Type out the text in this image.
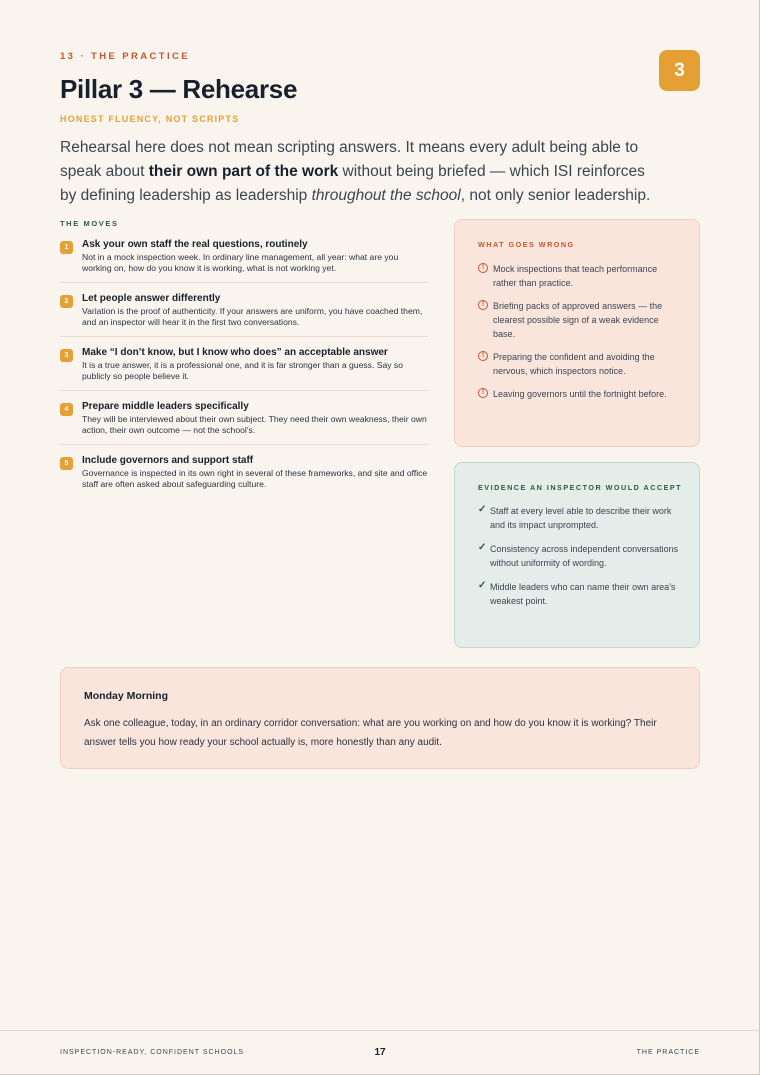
13 · THE PRACTICE
3
Pillar 3 — Rehearse
HONEST FLUENCY, NOT SCRIPTS

Rehearsal here does not mean scripting answers. It means every adult being able to speak about their own part of the work without being briefed — which ISI reinforces by defining leadership as leadership throughout the school, not only senior leadership.

THE MOVES
1	Ask your own staff the real questions, routinely
Not in a mock inspection week. In ordinary line management, all year: what are you working on, how do you know it is working, what is not working yet.
2	Let people answer differently
Variation is the proof of authenticity. If your answers are uniform, you have coached them, and an inspector will hear it in the first two conversations.
3	Make “I don’t know, but I know who does” an acceptable answer
It is a true answer, it is a professional one, and it is far stronger than a guess. Say so publicly so people believe it.
4	Prepare middle leaders specifically
They will be interviewed about their own subject. They need their own weakness, their own action, their own outcome — not the school’s.
5	Include governors and support staff
Governance is inspected in its own right in several of these frameworks, and site and office staff are often asked about safeguarding culture.
WHAT GOES WRONG
! Mock inspections that teach performance rather than practice.
! Briefing packs of approved answers — the clearest possible sign of a weak evidence base.
! Preparing the confident and avoiding the nervous, which inspectors notice.
! Leaving governors until the fortnight before.
EVIDENCE AN INSPECTOR WOULD ACCEPT
✓ Staff at every level able to describe their work and its impact unprompted.
✓ Consistency across independent conversations without uniformity of wording.
✓ Middle leaders who can name their own area’s weakest point.
Monday Morning
Ask one colleague, today, in an ordinary corridor conversation: what are you working on and how do you know it is working? Their answer tells you how ready your school actually is, more honestly than any audit.
INSPECTION-READY, CONFIDENT SCHOOLS	17	THE PRACTICE
